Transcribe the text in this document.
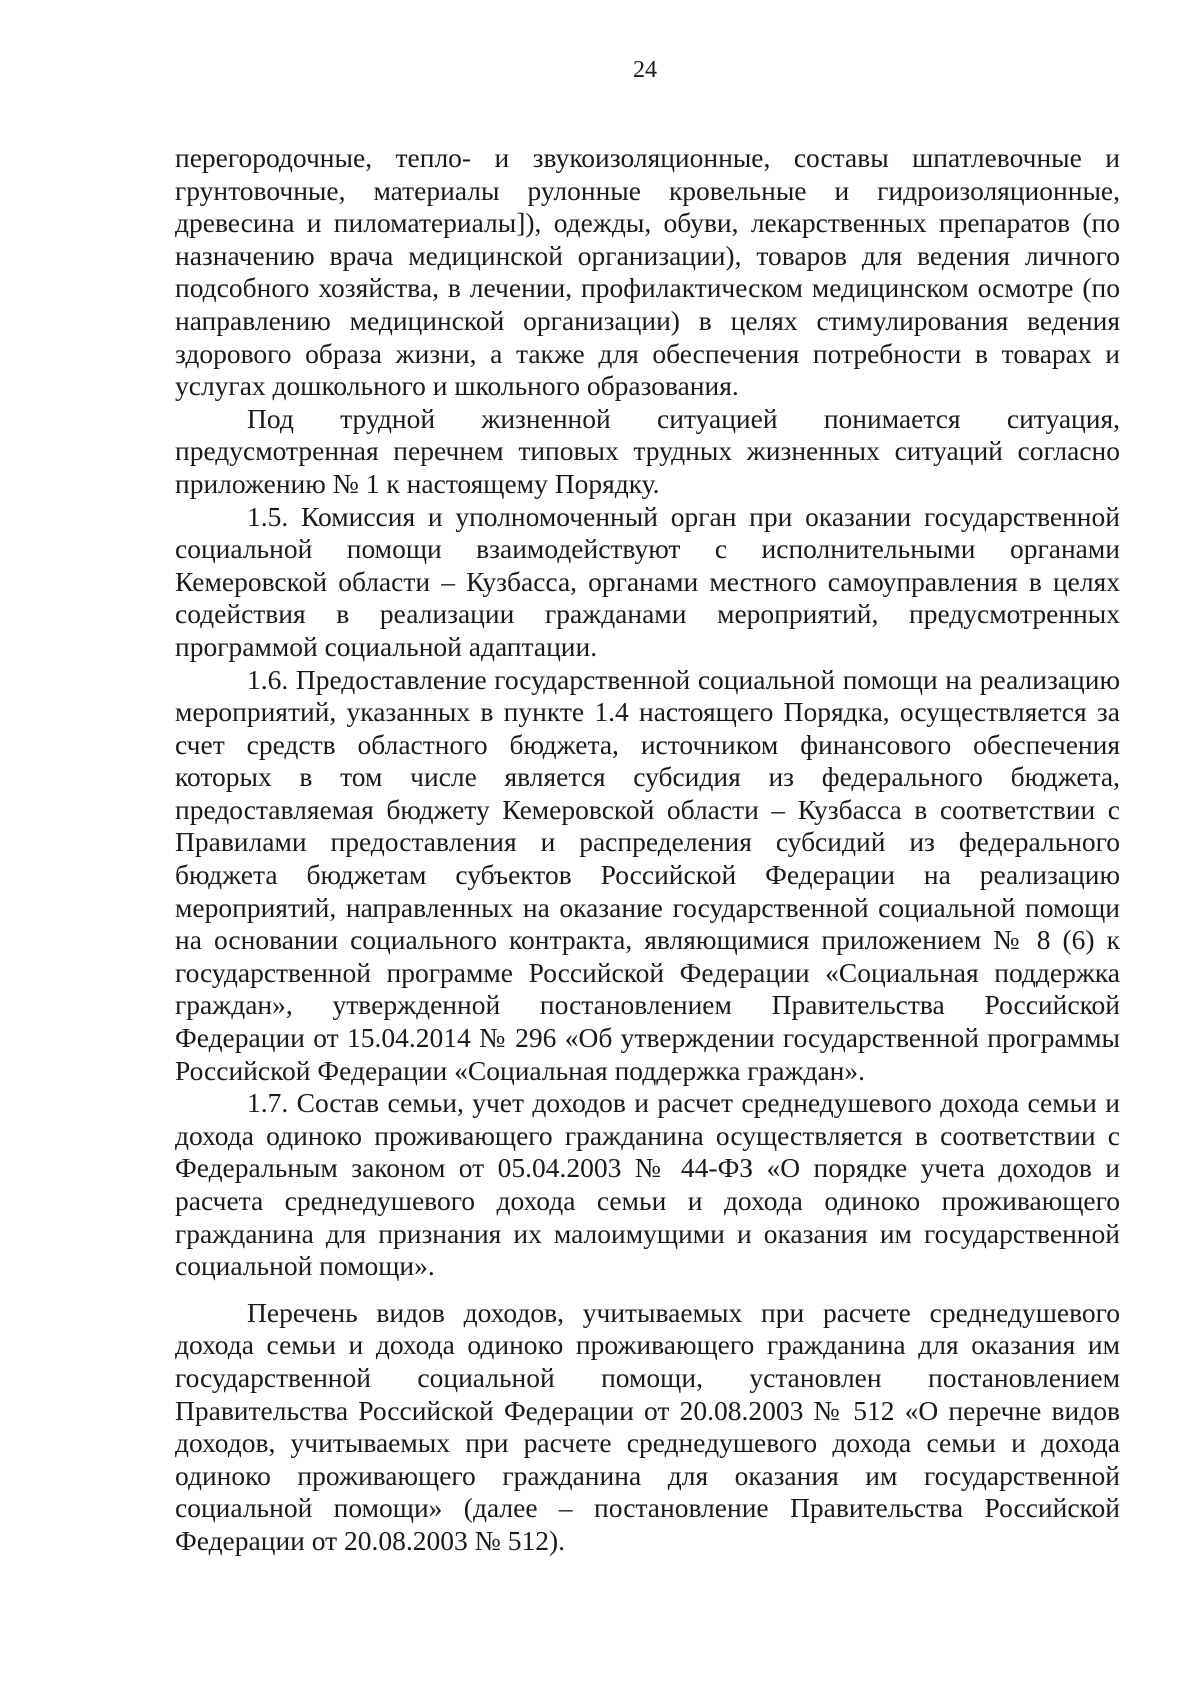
24

перегородочные, тепло- и звукоизоляционные, составы шпатлевочные и грунтовочные, материалы рулонные кровельные и гидроизоляционные, древесина и пиломатериалы]), одежды, обуви, лекарственных препаратов (по назначению врача медицинской организации), товаров для ведения личного подсобного хозяйства, в лечении, профилактическом медицинском осмотре (по направлению медицинской организации) в целях стимулирования ведения здорового образа жизни, а также для обеспечения потребности в товарах и услугах дошкольного и школьного образования.

Под трудной жизненной ситуацией понимается ситуация, предусмотренная перечнем типовых трудных жизненных ситуаций согласно приложению № 1 к настоящему Порядку.

1.5. Комиссия и уполномоченный орган при оказании государственной социальной помощи взаимодействуют с исполнительными органами Кемеровской области – Кузбасса, органами местного самоуправления в целях содействия в реализации гражданами мероприятий, предусмотренных программой социальной адаптации.

1.6. Предоставление государственной социальной помощи на реализацию мероприятий, указанных в пункте 1.4 настоящего Порядка, осуществляется за счет средств областного бюджета, источником финансового обеспечения которых в том числе является субсидия из федерального бюджета, предоставляемая бюджету Кемеровской области – Кузбасса в соответствии с Правилами предоставления и распределения субсидий из федерального бюджета бюджетам субъектов Российской Федерации на реализацию мероприятий, направленных на оказание государственной социальной помощи на основании социального контракта, являющимися приложением № 8 (6) к государственной программе Российской Федерации «Социальная поддержка граждан», утвержденной постановлением Правительства Российской Федерации от 15.04.2014 № 296 «Об утверждении государственной программы Российской Федерации «Социальная поддержка граждан».

1.7. Состав семьи, учет доходов и расчет среднедушевого дохода семьи и дохода одиноко проживающего гражданина осуществляется в соответствии с Федеральным законом от 05.04.2003 № 44-ФЗ «О порядке учета доходов и расчета среднедушевого дохода семьи и дохода одиноко проживающего гражданина для признания их малоимущими и оказания им государственной социальной помощи».

Перечень видов доходов, учитываемых при расчете среднедушевого дохода семьи и дохода одиноко проживающего гражданина для оказания им государственной социальной помощи, установлен постановлением Правительства Российской Федерации от 20.08.2003 № 512 «О перечне видов доходов, учитываемых при расчете среднедушевого дохода семьи и дохода одиноко проживающего гражданина для оказания им государственной социальной помощи» (далее – постановление Правительства Российской Федерации от 20.08.2003 № 512).
